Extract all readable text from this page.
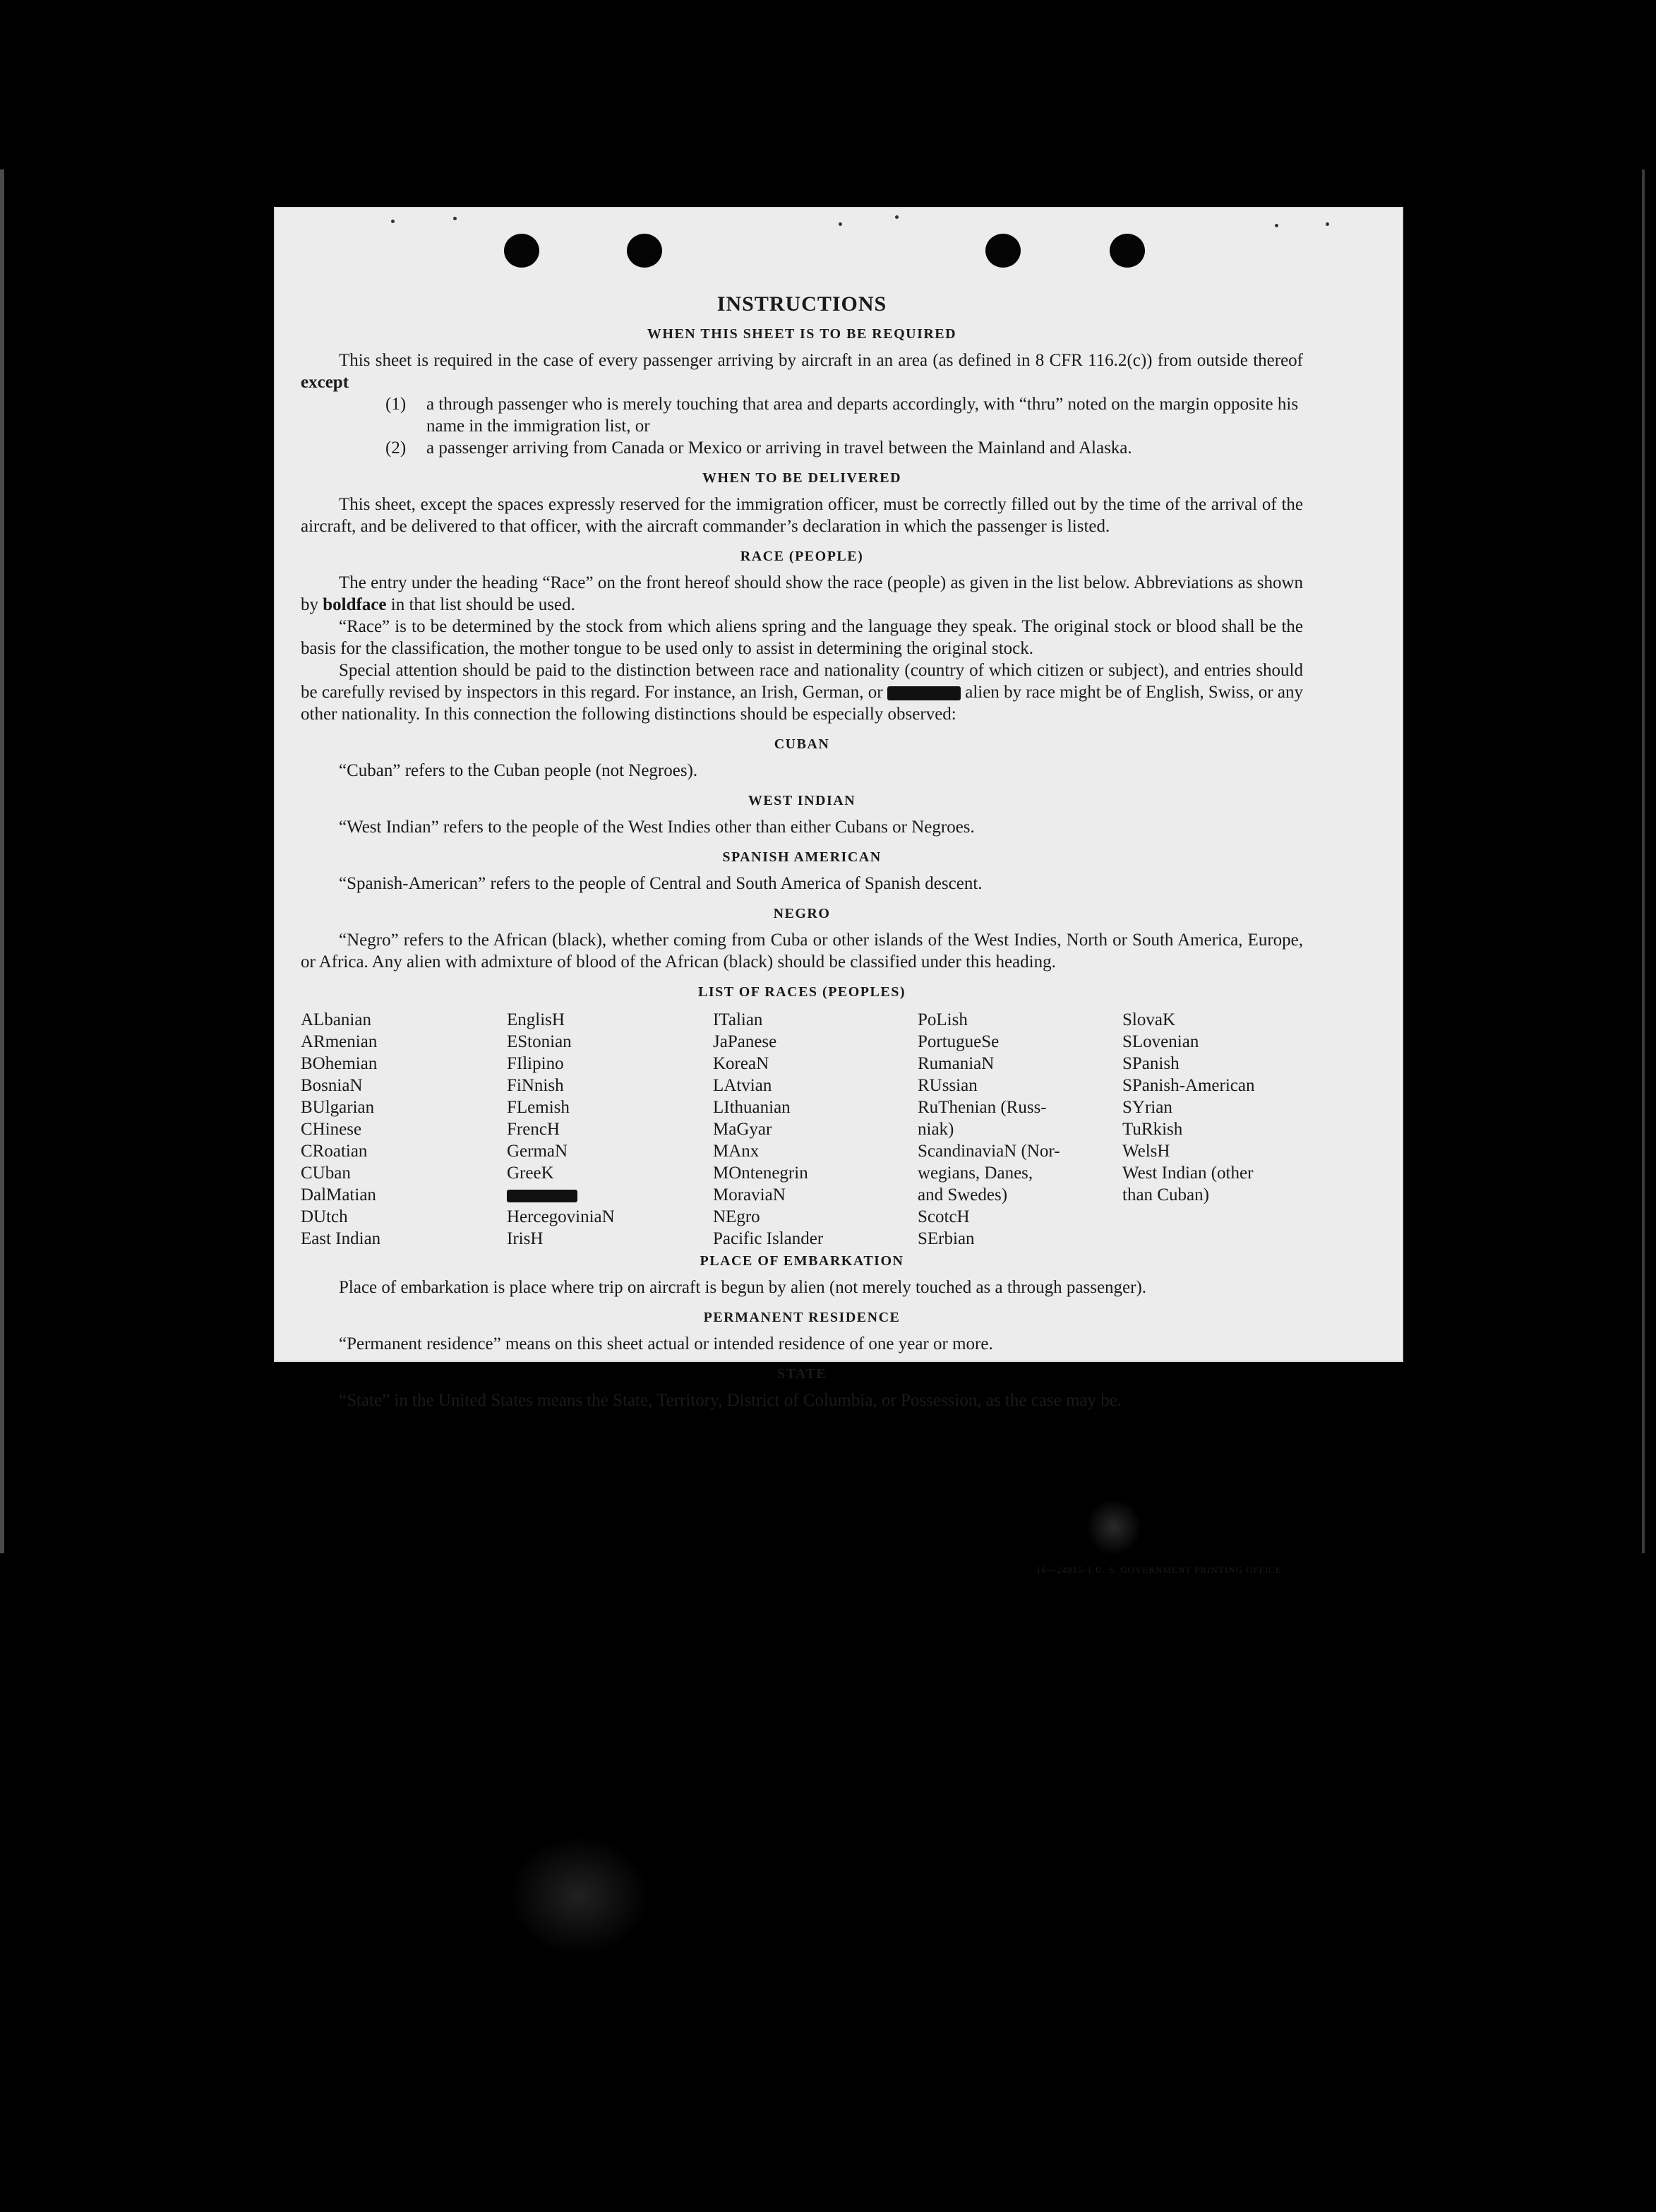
INSTRUCTIONS
WHEN THIS SHEET IS TO BE REQUIRED

This sheet is required in the case of every passenger arriving by aircraft in an area (as defined in 8 CFR 116.2(c)) from outside thereof except

(1) a through passenger who is merely touching that area and departs accordingly, with “thru” noted on the margin opposite his name in the immigration list, or

(2) a passenger arriving from Canada or Mexico or arriving in travel between the Mainland and Alaska.

WHEN TO BE DELIVERED

This sheet, except the spaces expressly reserved for the immigration officer, must be correctly filled out by the time of the arrival of the aircraft, and be delivered to that officer, with the aircraft commander’s declaration in which the passenger is listed.

RACE (PEOPLE)

The entry under the heading “Race” on the front hereof should show the race (people) as given in the list below. Abbreviations as shown by boldface in that list should be used.

“Race” is to be determined by the stock from which aliens spring and the language they speak. The original stock or blood shall be the basis for the classification, the mother tongue to be used only to assist in determining the original stock.

Special attention should be paid to the distinction between race and nationality (country of which citizen or subject), and entries should be carefully revised by inspectors in this regard. For instance, an Irish, German, or	alien by race might be of English, Swiss, or any other nationality. In this connection the following distinctions should be especially observed:

CUBAN

“Cuban” refers to the Cuban people (not Negroes).

WEST INDIAN

“West Indian” refers to the people of the West Indies other than either Cubans or Negroes.

SPANISH AMERICAN

“Spanish-American” refers to the people of Central and South America of Spanish descent.

NEGRO

“Negro” refers to the African (black), whether coming from Cuba or other islands of the West Indies, North or South America, Europe, or Africa. Any alien with admixture of blood of the African (black) should be classified under this heading.

LIST OF RACES (PEOPLES)
ALbanian
ARmenian
BOhemian
BosniaN
BUlgarian
CHinese
CRoatian
CUban
DalMatian
DUtch
East Indian
EnglisH
EStonian
FIlipino
FiNnish
FLemish
FrencH
GermaN
GreeK
HercegoviniaN
IrisH
ITalian
JaPanese
KoreaN
LAtvian
LIthuanian
MaGyar
MAnx
MOntenegrin
MoraviaN
NEgro
Pacific Islander
PoLish
PortugueSe
RumaniaN
RUssian
RuThenian (Russ-
niak)
ScandinaviaN (Nor-
wegians, Danes,
and Swedes)
ScotcH
SErbian
SlovaK
SLovenian
SPanish
SPanish-American
SYrian
TuRkish
WelsH
West Indian (other
than Cuban)
PLACE OF EMBARKATION

Place of embarkation is place where trip on aircraft is begun by alien (not merely touched as a through passenger).

PERMANENT RESIDENCE

“Permanent residence” means on this sheet actual or intended residence of one year or more.

STATE

“State” in the United States means the State, Territory, District of Columbia, or Possession, as the case may be.

16—24915-1 U. S. GOVERNMENT PRINTING OFFICE
